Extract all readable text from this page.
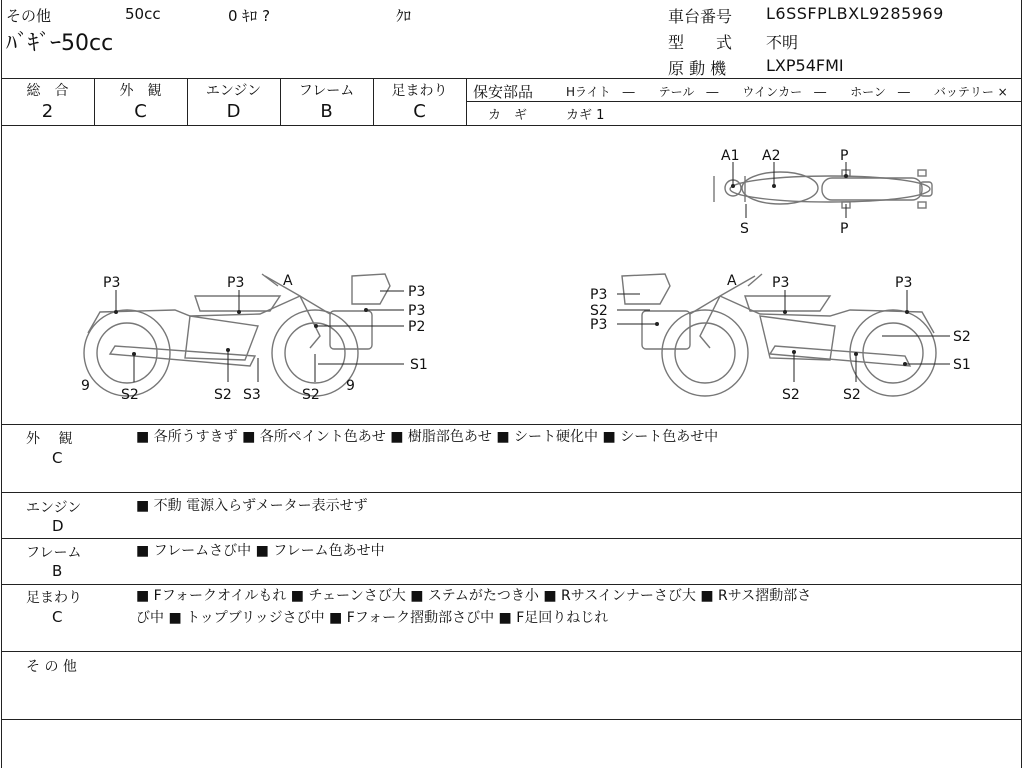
その他	50cc	0 ｷﾛ ?	ｸﾛ
ﾊﾞｷﾞｰ50cc
車台番号 L6SSFPLBXL9285969
型　　式 不明
原 動 機 LXP54FMI
総　合
2
外　観
C
エンジン
D
フレーム
B
足まわり
C
保安部品	Hライト　―　　テール　―　　ウインカー　―　　ホーン　―　　バッテリー ×
カ　ギ	カギ 1
A1 A2	P
S	P
P3	P3	A
P3
P3
P2
S1
9
S2	S2 S3	S2
9
A	P3	P3
P3
S2
P3
S2
S1
S2	S2
外　 観
C
■ 各所うすきず ■ 各所ペイント色あせ ■ 樹脂部色あせ ■ シート硬化中 ■ シート色あせ中
エンジン
D
■ 不動 電源入らずメーター表示せず
フレーム
B
■ フレームさび中 ■ フレーム色あせ中
足まわり
C
■ Fフォークオイルもれ ■ チェーンさび大 ■ ステムがたつき小 ■ Rサスインナーさび大 ■ Rサス摺動部さ
び中 ■ トップブリッジさび中 ■ Fフォーク摺動部さび中 ■ F足回りねじれ
そ の 他
